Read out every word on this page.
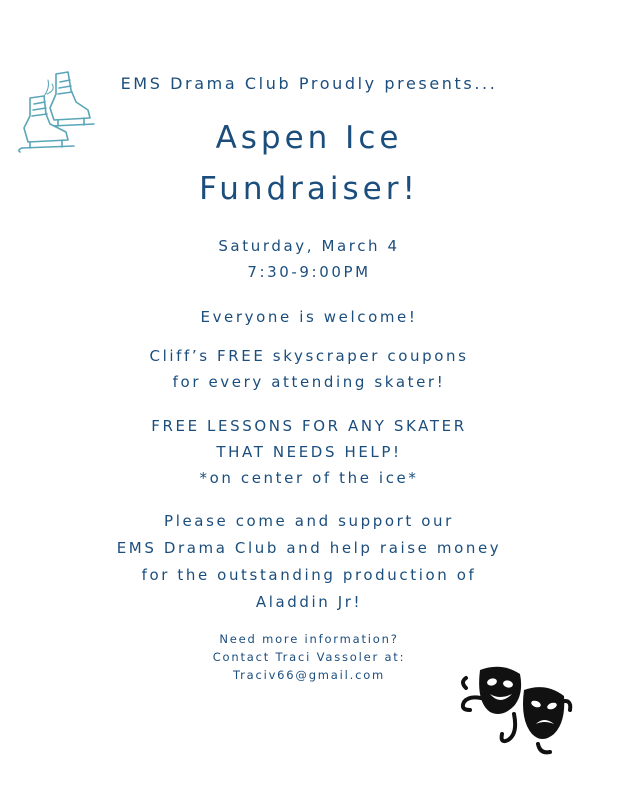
EMS Drama Club Proudly presents...
Aspen Ice
Fundraiser!
Saturday, March 4
7:30-9:00PM
Everyone is welcome!
Cliff’s FREE skyscraper coupons
for every attending skater!
FREE LESSONS FOR ANY SKATER
THAT NEEDS HELP!
*on center of the ice*
Please come and support our
EMS Drama Club and help raise money
for the outstanding production of
Aladdin Jr!
Need more information?
Contact Traci Vassoler at:
Traciv66@gmail.com
